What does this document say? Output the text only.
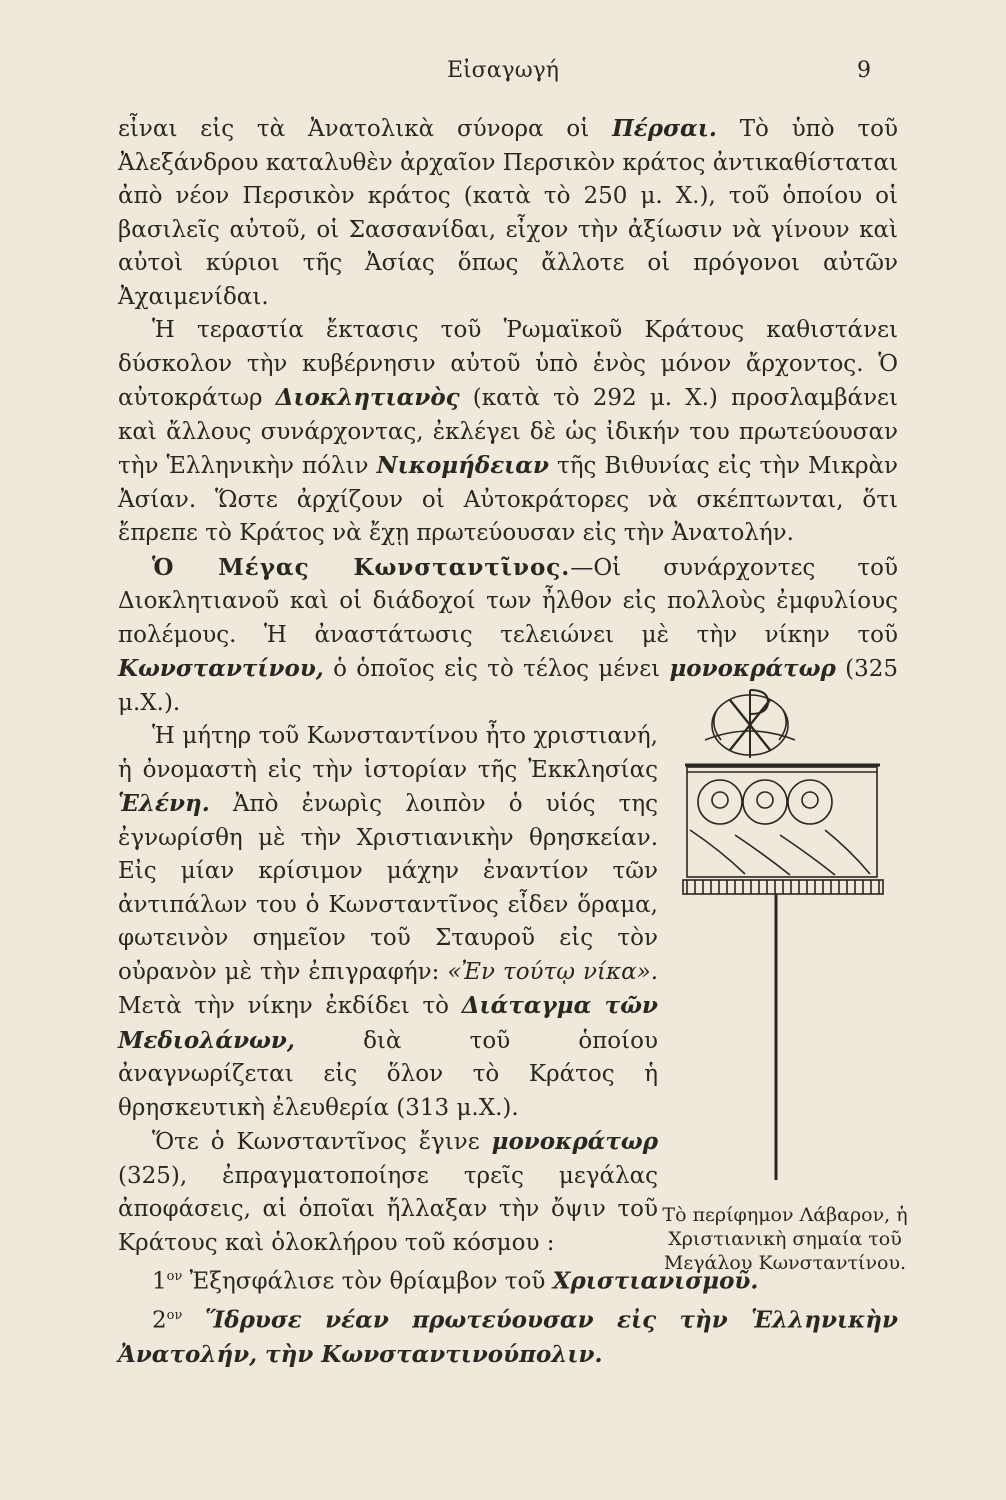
Εἰσαγωγή	9

εἶναι εἰς τὰ Ἀνατολικὰ σύνορα οἱ Πέρσαι. Τὸ ὑπὸ τοῦ Ἀλεξάνδρου καταλυθὲν ἀρχαῖον Περσικὸν κράτος ἀντικαθίσταται ἀπὸ νέον Περσικὸν κράτος (κατὰ τὸ 250 μ. Χ.), τοῦ ὁποίου οἱ βασιλεῖς αὐτοῦ, οἱ Σασσανίδαι, εἶχον τὴν ἀξίωσιν νὰ γίνουν καὶ αὐτοὶ κύριοι τῆς Ἀσίας ὅπως ἄλλοτε οἱ πρόγονοι αὐτῶν Ἀχαιμενίδαι.

Ἡ τεραστία ἔκτασις τοῦ Ῥωμαϊκοῦ Κράτους καθιστάνει δύσκολον τὴν κυβέρνησιν αὐτοῦ ὑπὸ ἑνὸς μόνον ἄρχοντος. Ὁ αὐτοκράτωρ Διοκλητιανὸς (κατὰ τὸ 292 μ. Χ.) προσλαμβάνει καὶ ἄλλους συνάρχοντας, ἐκλέγει δὲ ὡς ἰδικήν του πρωτεύουσαν τὴν Ἑλληνικὴν πόλιν Νικομήδειαν τῆς Βιθυνίας εἰς τὴν Μικρὰν Ἀσίαν. Ὥστε ἀρχίζουν οἱ Αὐτοκράτορες νὰ σκέπτωνται, ὅτι ἔπρεπε τὸ Κράτος νὰ ἔχῃ πρωτεύουσαν εἰς τὴν Ἀνατολήν.

Ὁ Μέγας Κωνσταντῖνος.—Οἱ συνάρχοντες τοῦ Διοκλητιανοῦ καὶ οἱ διάδοχοί των ἦλθον εἰς πολλοὺς ἐμφυλίους πολέμους. Ἡ ἀναστάτωσις τελειώνει μὲ τὴν νίκην τοῦ Κωνσταντίνου, ὁ ὁποῖος εἰς τὸ τέλος μένει μονοκράτωρ (325 μ.Χ.).

Ἡ μήτηρ τοῦ Κωνσταντίνου ἦτο χριστιανή, ἡ ὀνομαστὴ εἰς τὴν ἱστορίαν τῆς Ἐκκλησίας Ἑλένη. Ἀπὸ ἐνωρὶς λοιπὸν ὁ υἱός της ἐγνωρίσθη μὲ τὴν Χριστιανικὴν θρησκείαν. Εἰς μίαν κρίσιμον μάχην ἐναντίον τῶν ἀντιπάλων του ὁ Κωνσταντῖνος εἶδεν ὅραμα, φωτεινὸν σημεῖον τοῦ Σταυροῦ εἰς τὸν οὐρανὸν μὲ τὴν ἐπιγραφήν: «Ἐν τούτῳ νίκα». Μετὰ τὴν νίκην ἐκδίδει τὸ Διάταγμα τῶν Μεδιολάνων, διὰ τοῦ ὁποίου ἀναγνωρίζεται εἰς ὅλον τὸ Κράτος ἡ θρησκευτικὴ ἐλευθερία (313 μ.Χ.).

Ὅτε ὁ Κωνσταντῖνος ἔγινε μονοκράτωρ (325), ἐπραγματοποίησε τρεῖς μεγάλας ἀποφάσεις, αἱ ὁποῖαι ἤλλαξαν τὴν ὄψιν τοῦ Κράτους καὶ ὁλοκλήρου τοῦ κόσμου :

$1^{o\nu}$ Ἐξησφάλισε τὸν θρίαμβον τοῦ Χριστιανισμοῦ.

$2^{o\nu}$ Ἵδρυσε νέαν πρωτεύουσαν εἰς τὴν Ἑλληνικὴν Ἀνατολήν, τὴν Κωνσταντινούπολιν.

Τὸ περίφημον Λάβαρον, ἡ Χριστιανικὴ σημαία τοῦ Μεγάλου Κωνσταντίνου.
